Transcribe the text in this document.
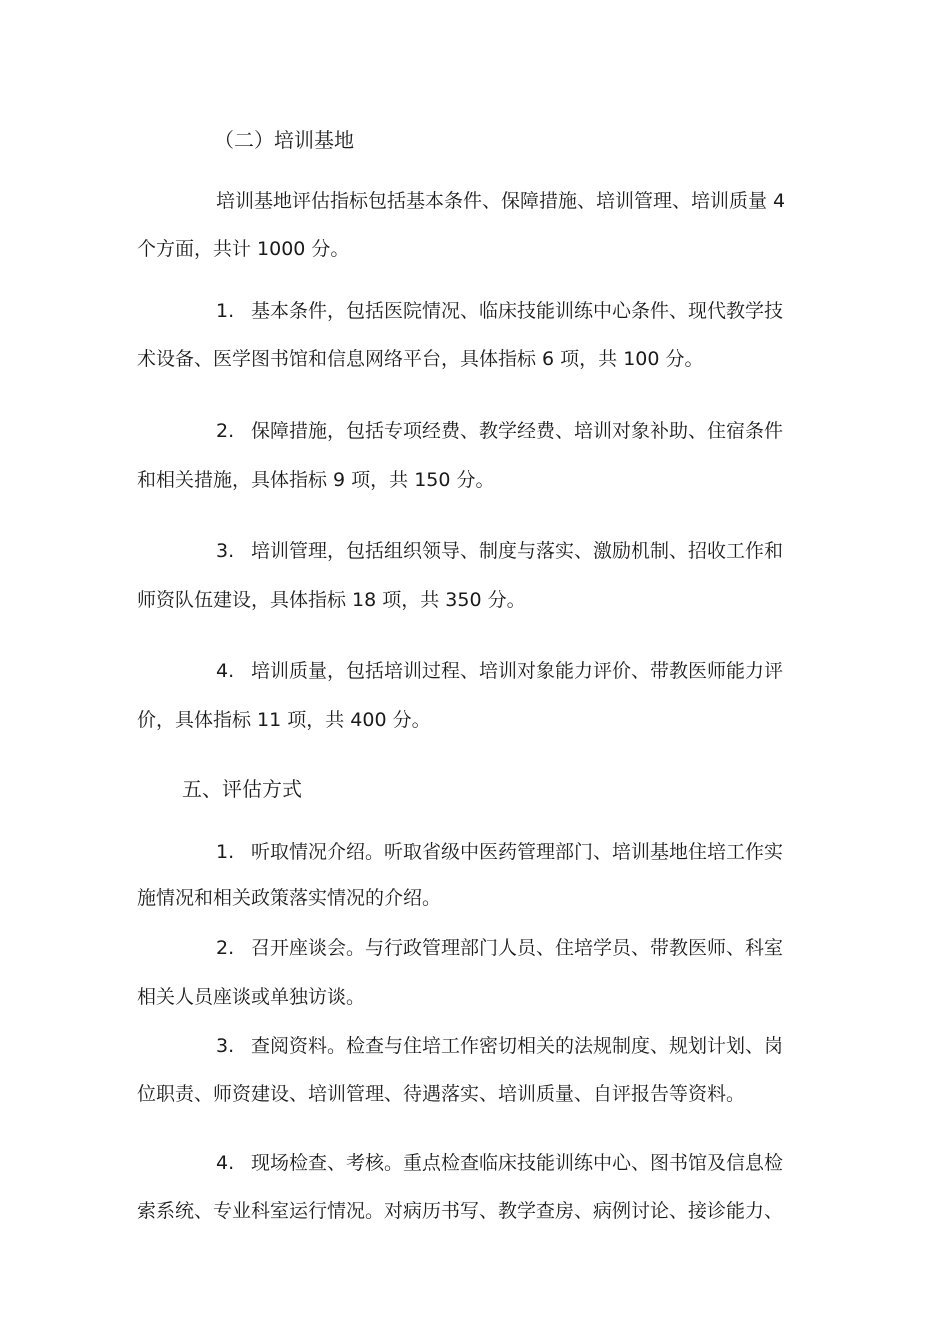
（二）培训基地
培训基地评估指标包括基本条件、保障措施、培训管理、培训质量 4
个方面，共计 1000 分。
1. 基本条件，包括医院情况、临床技能训练中心条件、现代教学技
术设备、医学图书馆和信息网络平台，具体指标 6 项，共 100 分。
2. 保障措施，包括专项经费、教学经费、培训对象补助、住宿条件
和相关措施，具体指标 9 项，共 150 分。
3. 培训管理，包括组织领导、制度与落实、激励机制、招收工作和
师资队伍建设，具体指标 18 项，共 350 分。
4. 培训质量，包括培训过程、培训对象能力评价、带教医师能力评
价，具体指标 11 项，共 400 分。
五、评估方式
1. 听取情况介绍。听取省级中医药管理部门、培训基地住培工作实
施情况和相关政策落实情况的介绍。
2. 召开座谈会。与行政管理部门人员、住培学员、带教医师、科室
相关人员座谈或单独访谈。
3. 查阅资料。检查与住培工作密切相关的法规制度、规划计划、岗
位职责、师资建设、培训管理、待遇落实、培训质量、自评报告等资料。
4. 现场检查、考核。重点检查临床技能训练中心、图书馆及信息检
索系统、专业科室运行情况。对病历书写、教学查房、病例讨论、接诊能力、
